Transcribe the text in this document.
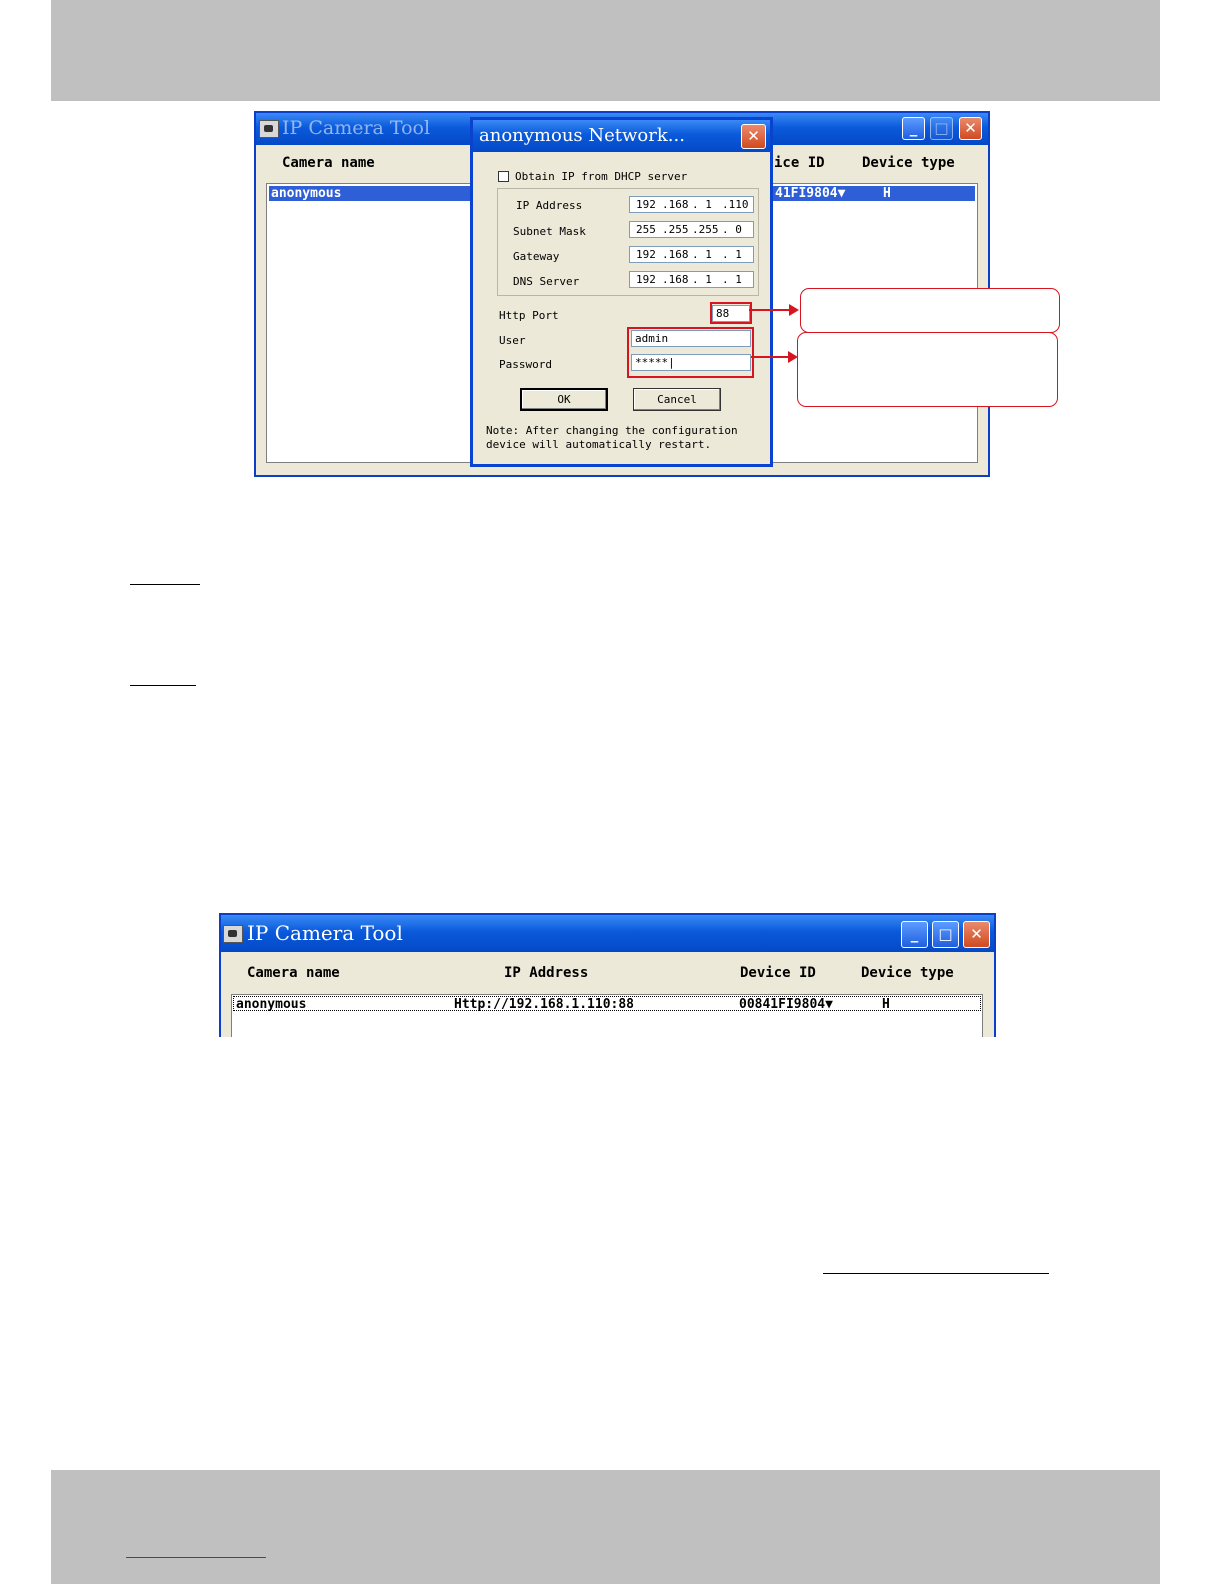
IP Camera Tool	_	□	✕
Camera name	ice ID	Device type
anonymous	41FI9804▼	H
anonymous Network...	✕
Obtain IP from DHCP server
IP Address	192 .168 . 1 .110
Subnet Mask	255 .255 .255 . 0
Gateway	192 .168 . 1 . 1
DNS Server	192 .168 . 1 . 1
Http Port	88
User	admin
Password	*****|
OK	Cancel
Note: After changing the configuration
device will automatically restart.
IP Camera Tool	_	□	✕
Camera name	IP Address	Device ID	Device type
anonymous	Http://192.168.1.110:88	00841FI9804▼	H
